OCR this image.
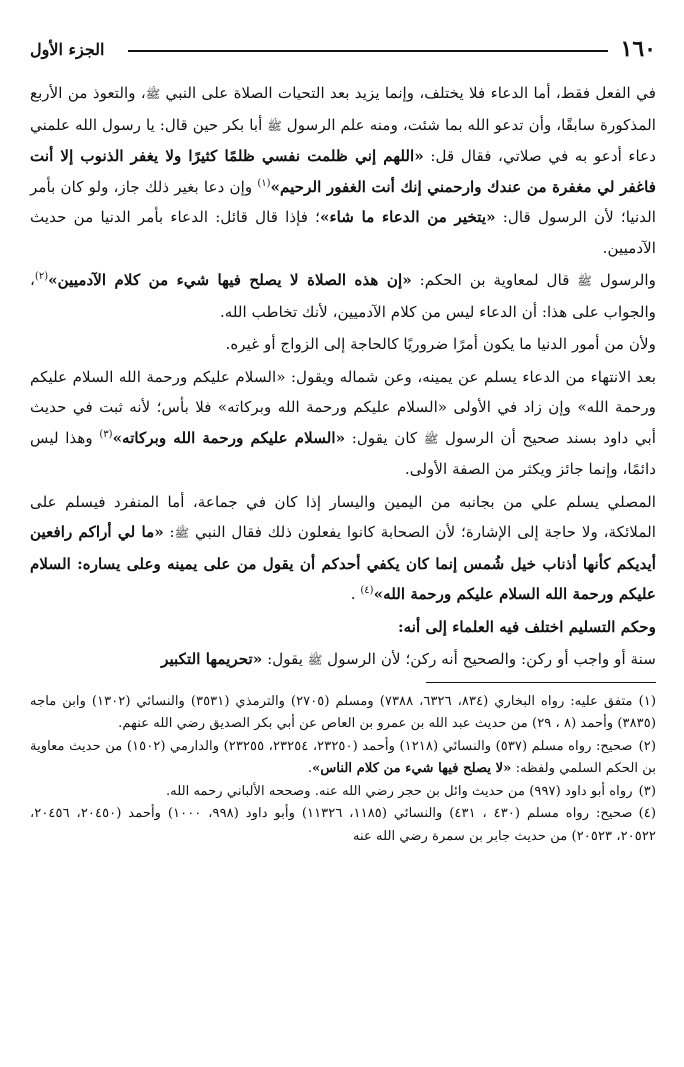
١٦٠
الجزء الأول

في الفعل فقط، أما الدعاء فلا يختلف، وإنما يزيد بعد التحيات الصلاة على النبي ﷺ، والتعوذ من الأربع المذكورة سابقًا، وأن تدعو الله بما شئت، ومنه علم الرسول ﷺ أبا بكر حين قال: يا رسول الله علمني دعاء أدعو به في صلاتي، فقال قل: «اللهم إني ظلمت نفسي ظلمًا كثيرًا ولا يغفر الذنوب إلا أنت فاغفر لي مغفرة من عندك وارحمني إنك أنت الغفور الرحيم»$^{(١)}$ وإن دعا بغير ذلك جاز، ولو كان بأمر الدنيا؛ لأن الرسول قال: «يتخير من الدعاء ما شاء»؛ فإذا قال قائل: الدعاء بأمر الدنيا من حديث الآدميين.

والرسول ﷺ قال لمعاوية بن الحكم: «إن هذه الصلاة لا يصلح فيها شيء من كلام الآدميين»$^{(٢)}$، والجواب على هذا: أن الدعاء ليس من كلام الآدميين، لأنك تخاطب الله.

ولأن من أمور الدنيا ما يكون أمرًا ضروريًا كالحاجة إلى الزواج أو غيره.

بعد الانتهاء من الدعاء يسلم عن يمينه، وعن شماله ويقول: «السلام عليكم ورحمة الله السلام عليكم ورحمة الله» وإن زاد في الأولى «السلام عليكم ورحمة الله وبركاته» فلا بأس؛ لأنه ثبت في حديث أبي داود بسند صحيح أن الرسول ﷺ كان يقول: «السلام عليكم ورحمة الله وبركاته»$^{(٣)}$ وهذا ليس دائمًا، وإنما جائز ويكثر من الصفة الأولى.

المصلي يسلم علي من بجانبه من اليمين واليسار إذا كان في جماعة، أما المنفرد فيسلم على الملائكة، ولا حاجة إلى الإشارة؛ لأن الصحابة كانوا يفعلون ذلك فقال النبي ﷺ: «ما لي أراكم رافعين أيديكم كأنها أذناب خيل شُمس إنما كان يكفي أحدكم أن يقول من على يمينه وعلى يساره: السلام عليكم ورحمة الله السلام عليكم ورحمة الله»$^{(٤)}$ .

وحكم التسليم اختلف فيه العلماء إلى أنه:

سنة أو واجب أو ركن: والصحيح أنه ركن؛ لأن الرسول ﷺ يقول: «تحريمها التكبير

(١)متفق عليه: رواه البخاري (٨٣٤، ٦٣٢٦، ٧٣٨٨) ومسلم (٢٧٠٥) والترمذي (٣٥٣١) والنسائي (١٣٠٢) وابن ماجه (٣٨٣٥) وأحمد (٨ ، ٢٩) من حديث عبد الله بن عمرو بن العاص عن أبي بكر الصديق رضي الله عنهم.

(٢)صحيح: رواه مسلم (٥٣٧) والنسائي (١٢١٨) وأحمد (٢٣٢٥٠، ٢٣٢٥٤، ٢٣٢٥٥) والدارمي (١٥٠٢) من حديث معاوية بن الحكم السلمي ولفظه: «لا يصلح فيها شيء من كلام الناس».

(٣)رواه أبو داود (٩٩٧) من حديث وائل بن حجر رضي الله عنه. وصححه الألباني رحمه الله.

(٤)صحيح: رواه مسلم (٤٣٠ ، ٤٣١) والنسائي (١١٨٥، ١١٣٢٦) وأبو داود (٩٩٨، ١٠٠٠) وأحمد (٢٠٤٥٠، ٢٠٤٥٦، ٢٠٥٢٢، ٢٠٥٢٣) من حديث جابر بن سمرة رضي الله عنه
